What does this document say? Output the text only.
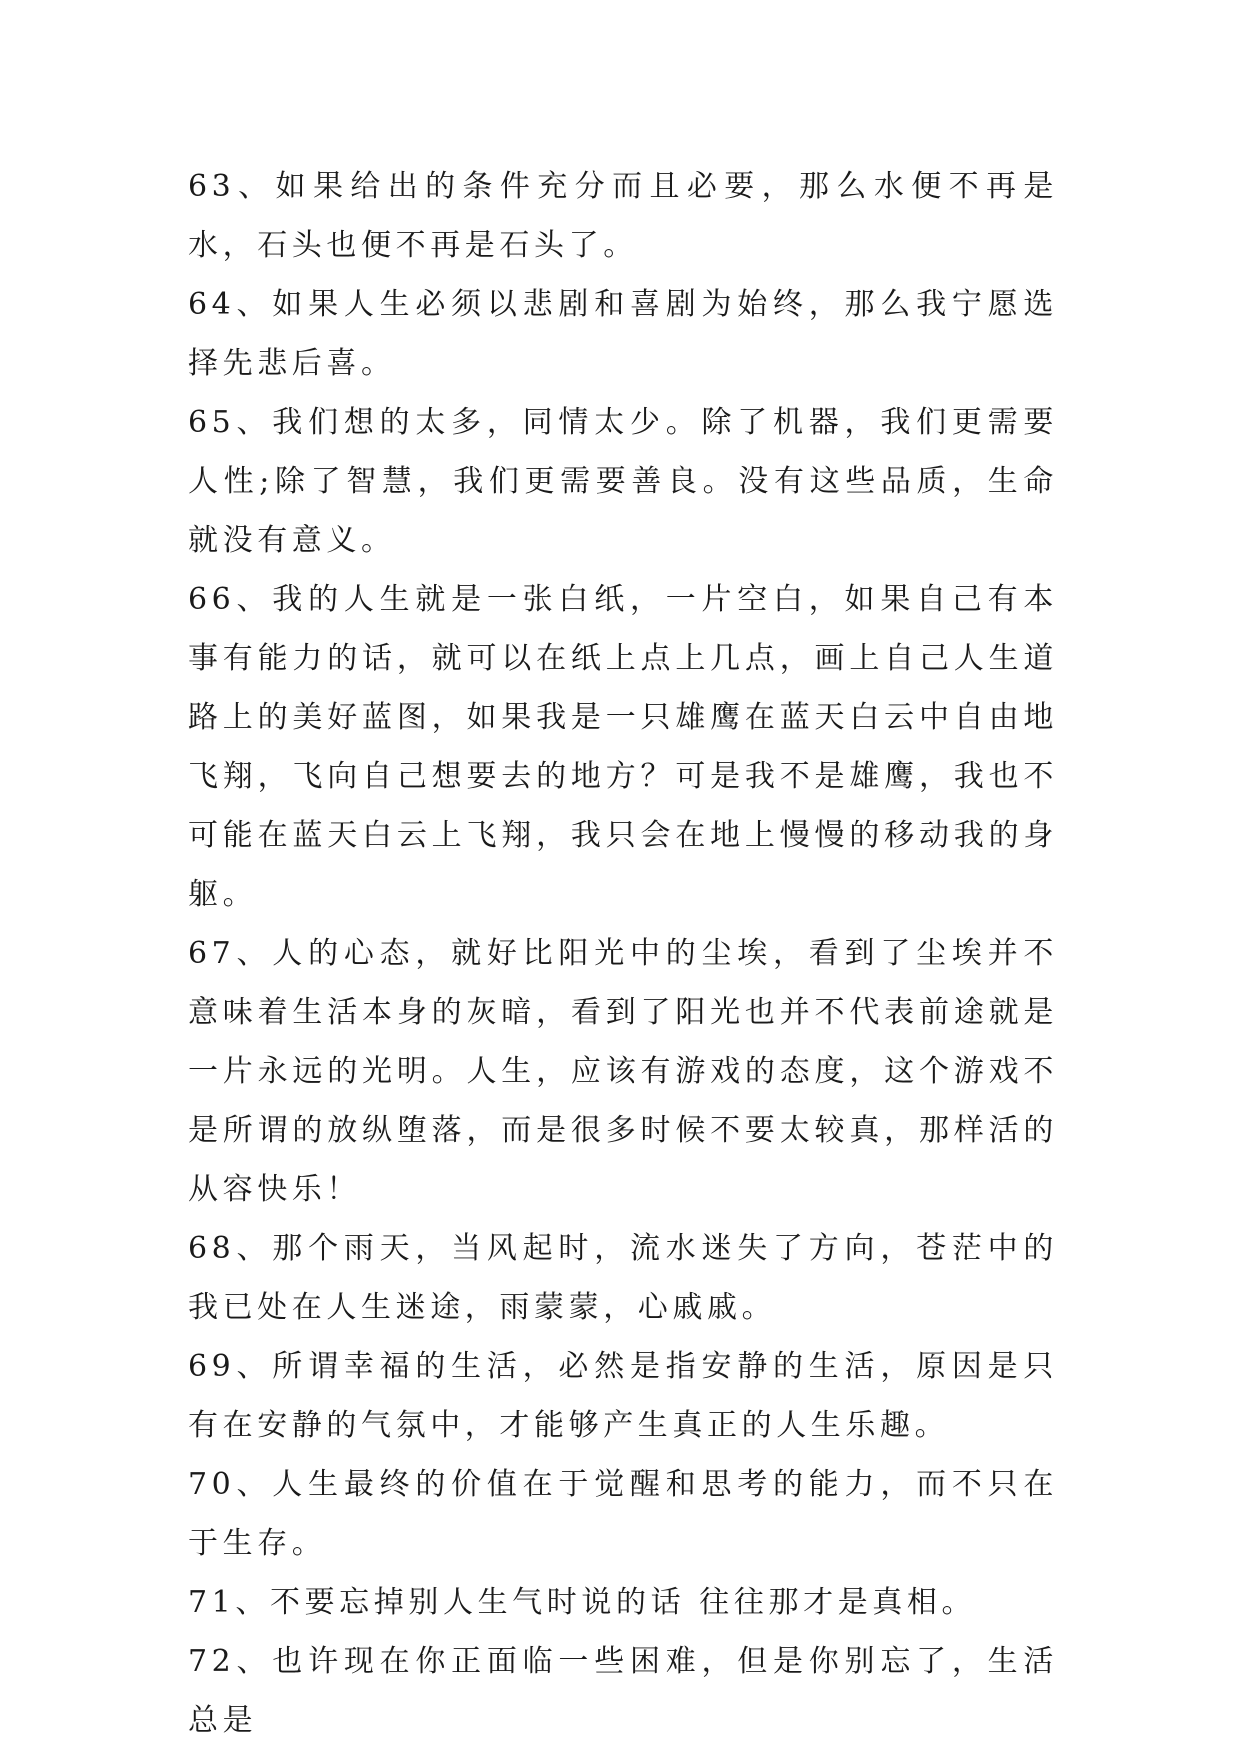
63、如果给出的条件充分而且必要，那么水便不再是水，石头也便不再是石头了。

64、如果人生必须以悲剧和喜剧为始终，那么我宁愿选择先悲后喜。

65、我们想的太多，同情太少。除了机器，我们更需要人性;除了智慧，我们更需要善良。没有这些品质，生命就没有意义。

66、我的人生就是一张白纸，一片空白，如果自己有本事有能力的话，就可以在纸上点上几点，画上自己人生道路上的美好蓝图，如果我是一只雄鹰在蓝天白云中自由地飞翔，飞向自己想要去的地方？可是我不是雄鹰，我也不可能在蓝天白云上飞翔，我只会在地上慢慢的移动我的身躯。

67、人的心态，就好比阳光中的尘埃，看到了尘埃并不意味着生活本身的灰暗，看到了阳光也并不代表前途就是一片永远的光明。人生，应该有游戏的态度，这个游戏不是所谓的放纵堕落，而是很多时候不要太较真，那样活的从容快乐！

68、那个雨天，当风起时，流水迷失了方向，苍茫中的我已处在人生迷途，雨蒙蒙，心戚戚。

69、所谓幸福的生活，必然是指安静的生活，原因是只有在安静的气氛中，才能够产生真正的人生乐趣。

70、人生最终的价值在于觉醒和思考的能力，而不只在于生存。

71、不要忘掉别人生气时说的话 往往那才是真相。

72、也许现在你正面临一些困难，但是你别忘了，生活总是
